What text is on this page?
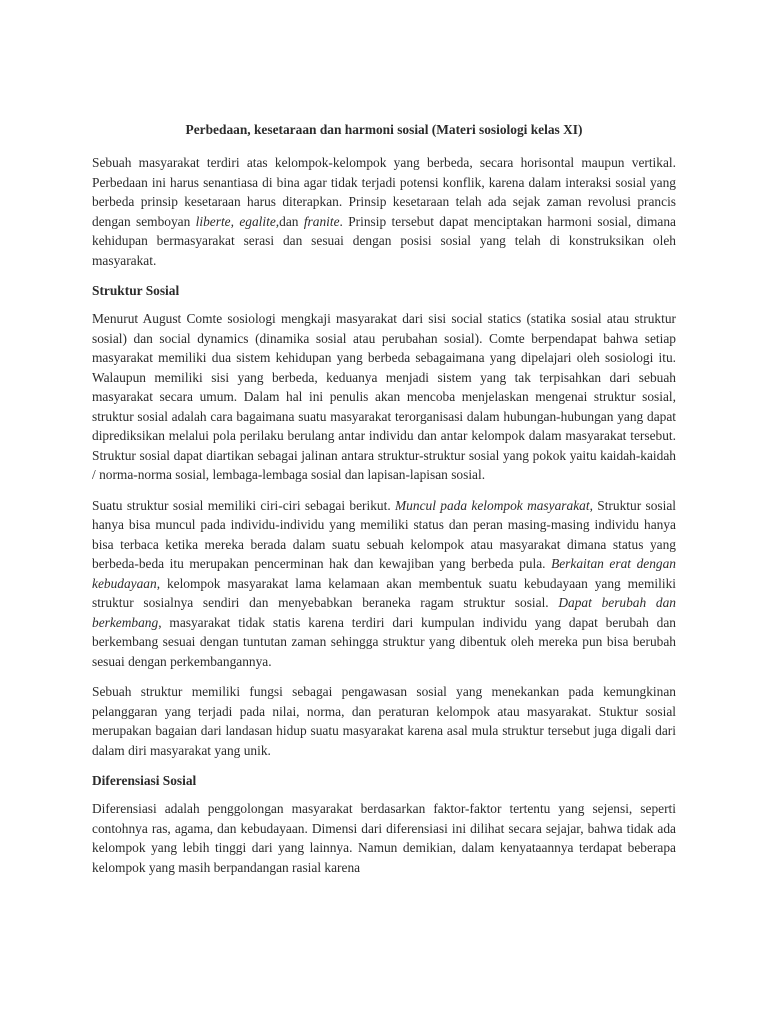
Perbedaan, kesetaraan dan harmoni sosial (Materi sosiologi kelas XI)

Sebuah masyarakat terdiri atas kelompok-kelompok yang berbeda, secara horisontal maupun vertikal. Perbedaan ini harus senantiasa di bina agar tidak terjadi potensi konflik, karena dalam interaksi sosial yang berbeda prinsip kesetaraan harus diterapkan. Prinsip kesetaraan telah ada sejak zaman revolusi prancis dengan semboyan liberte, egalite,dan franite. Prinsip tersebut dapat menciptakan harmoni sosial, dimana kehidupan bermasyarakat serasi dan sesuai dengan posisi sosial yang telah di konstruksikan oleh masyarakat.

Struktur Sosial

Menurut August Comte sosiologi mengkaji masyarakat dari sisi social statics (statika sosial atau struktur sosial) dan social dynamics (dinamika sosial atau perubahan sosial). Comte berpendapat bahwa setiap masyarakat memiliki dua sistem kehidupan yang berbeda sebagaimana yang dipelajari oleh sosiologi itu. Walaupun memiliki sisi yang berbeda, keduanya menjadi sistem yang tak terpisahkan dari sebuah masyarakat secara umum. Dalam hal ini penulis akan mencoba menjelaskan mengenai struktur sosial, struktur sosial adalah cara bagaimana suatu masyarakat terorganisasi dalam hubungan-hubungan yang dapat diprediksikan melalui pola perilaku berulang antar individu dan antar kelompok dalam masyarakat tersebut. Struktur sosial dapat diartikan sebagai jalinan antara struktur-struktur sosial yang pokok yaitu kaidah-kaidah / norma-norma sosial, lembaga-lembaga sosial dan lapisan-lapisan sosial.

Suatu struktur sosial memiliki ciri-ciri sebagai berikut. Muncul pada kelompok masyarakat, Struktur sosial hanya bisa muncul pada individu-individu yang memiliki status dan peran masing-masing individu hanya bisa terbaca ketika mereka berada dalam suatu sebuah kelompok atau masyarakat dimana status yang berbeda-beda itu merupakan pencerminan hak dan kewajiban yang berbeda pula. Berkaitan erat dengan kebudayaan, kelompok masyarakat lama kelamaan akan membentuk suatu kebudayaan yang memiliki struktur sosialnya sendiri dan menyebabkan beraneka ragam struktur sosial. Dapat berubah dan berkembang, masyarakat tidak statis karena terdiri dari kumpulan individu yang dapat berubah dan berkembang sesuai dengan tuntutan zaman sehingga struktur yang dibentuk oleh mereka pun bisa berubah sesuai dengan perkembangannya.

Sebuah struktur memiliki fungsi sebagai pengawasan sosial yang menekankan pada kemungkinan pelanggaran yang terjadi pada nilai, norma, dan peraturan kelompok atau masyarakat. Stuktur sosial merupakan bagaian dari landasan hidup suatu masyarakat karena asal mula struktur tersebut juga digali dari dalam diri masyarakat yang unik.

Diferensiasi Sosial

Diferensiasi adalah penggolongan masyarakat berdasarkan faktor-faktor tertentu yang sejensi, seperti contohnya ras, agama, dan kebudayaan. Dimensi dari diferensiasi ini dilihat secara sejajar, bahwa tidak ada kelompok yang lebih tinggi dari yang lainnya. Namun demikian, dalam kenyataannya terdapat beberapa kelompok yang masih berpandangan rasial karena
